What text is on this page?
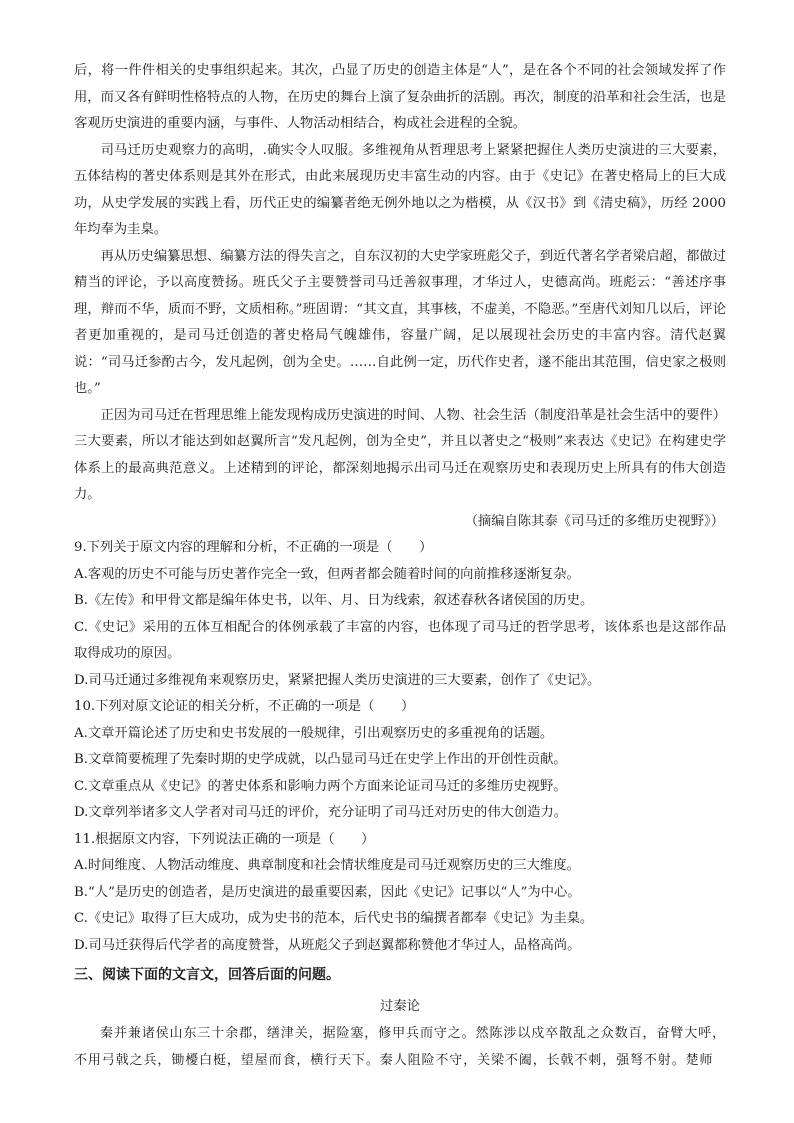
后，将一件件相关的史事组织起来。其次，凸显了历史的创造主体是“人”，是在各个不同的社会领域发挥了作用，而又各有鲜明性格特点的人物，在历史的舞台上演了复杂曲折的活剧。再次，制度的沿革和社会生活，也是客观历史演进的重要内涵，与事件、人物活动相结合，构成社会进程的全貌。

司马迁历史观察力的高明，.确实令人叹服。多维视角从哲理思考上紧紧把握住人类历史演进的三大要素，五体结构的著史体系则是其外在形式，由此来展现历史丰富生动的内容。由于《史记》在著史格局上的巨大成功，从史学发展的实践上看，历代正史的编纂者绝无例外地以之为楷模，从《汉书》到《清史稿》，历经 2000 年均奉为圭臬。

再从历史编纂思想、编纂方法的得失言之，自东汉初的大史学家班彪父子，到近代著名学者梁启超，都做过精当的评论，予以高度赞扬。班氏父子主要赞誉司马迁善叙事理，才华过人，史德高尚。班彪云：“善述序事理，辩而不华，质而不野，文质相称。”班固谓：“其文直，其事核，不虚美，不隐恶。”至唐代刘知几以后，评论者更加重视的，是司马迁创造的著史格局气魄雄伟，容量广阔，足以展现社会历史的丰富内容。清代赵翼说：“司马迁参酌古今，发凡起例，创为全史。……自此例一定，历代作史者，遂不能出其范围，信史家之极则也。”

正因为司马迁在哲理思维上能发现构成历史演进的时间、人物、社会生活（制度沿革是社会生活中的要件）三大要素，所以才能达到如赵翼所言“发凡起例，创为全史”，并且以著史之“极则”来表达《史记》在构建史学体系上的最高典范意义。上述精到的评论，都深刻地揭示出司马迁在观察历史和表现历史上所具有的伟大创造力。

（摘编自陈其泰《司马迁的多维历史视野》）

9.下列关于原文内容的理解和分析，不正确的一项是（　　）

A.客观的历史不可能与历史著作完全一致，但两者都会随着时间的向前推移逐渐复杂。

B.《左传》和甲骨文都是编年体史书，以年、月、日为线索，叙述春秋各诸侯国的历史。

C.《史记》采用的五体互相配合的体例承载了丰富的内容，也体现了司马迁的哲学思考，该体系也是这部作品取得成功的原因。

D.司马迁通过多维视角来观察历史，紧紧把握人类历史演进的三大要素，创作了《史记》。

10.下列对原文论证的相关分析，不正确的一项是（　　）

A.文章开篇论述了历史和史书发展的一般规律，引出观察历史的多重视角的话题。

B.文章简要梳理了先秦时期的史学成就，以凸显司马迁在史学上作出的开创性贡献。

C.文章重点从《史记》的著史体系和影响力两个方面来论证司马迁的多维历史视野。

D.文章列举诸多文人学者对司马迁的评价，充分证明了司马迁对历史的伟大创造力。

11.根据原文内容，下列说法正确的一项是（　　）

A.时间维度、人物活动维度、典章制度和社会情状维度是司马迁观察历史的三大维度。

B.“人”是历史的创造者，是历史演进的最重要因素，因此《史记》记事以“人”为中心。

C.《史记》取得了巨大成功，成为史书的范本，后代史书的编撰者都奉《史记》为圭臬。

D.司马迁获得后代学者的高度赞誉，从班彪父子到赵翼都称赞他才华过人，品格高尚。

三、阅读下面的文言文，回答后面的问题。

过秦论

秦并兼诸侯山东三十余郡，缮津关，据险塞，修甲兵而守之。然陈涉以戍卒散乱之众数百，奋臂大呼，不用弓戟之兵，锄櫌白梃，望屋而食，横行天下。秦人阻险不守，关梁不阖，长戟不刺，强弩不射。楚师
